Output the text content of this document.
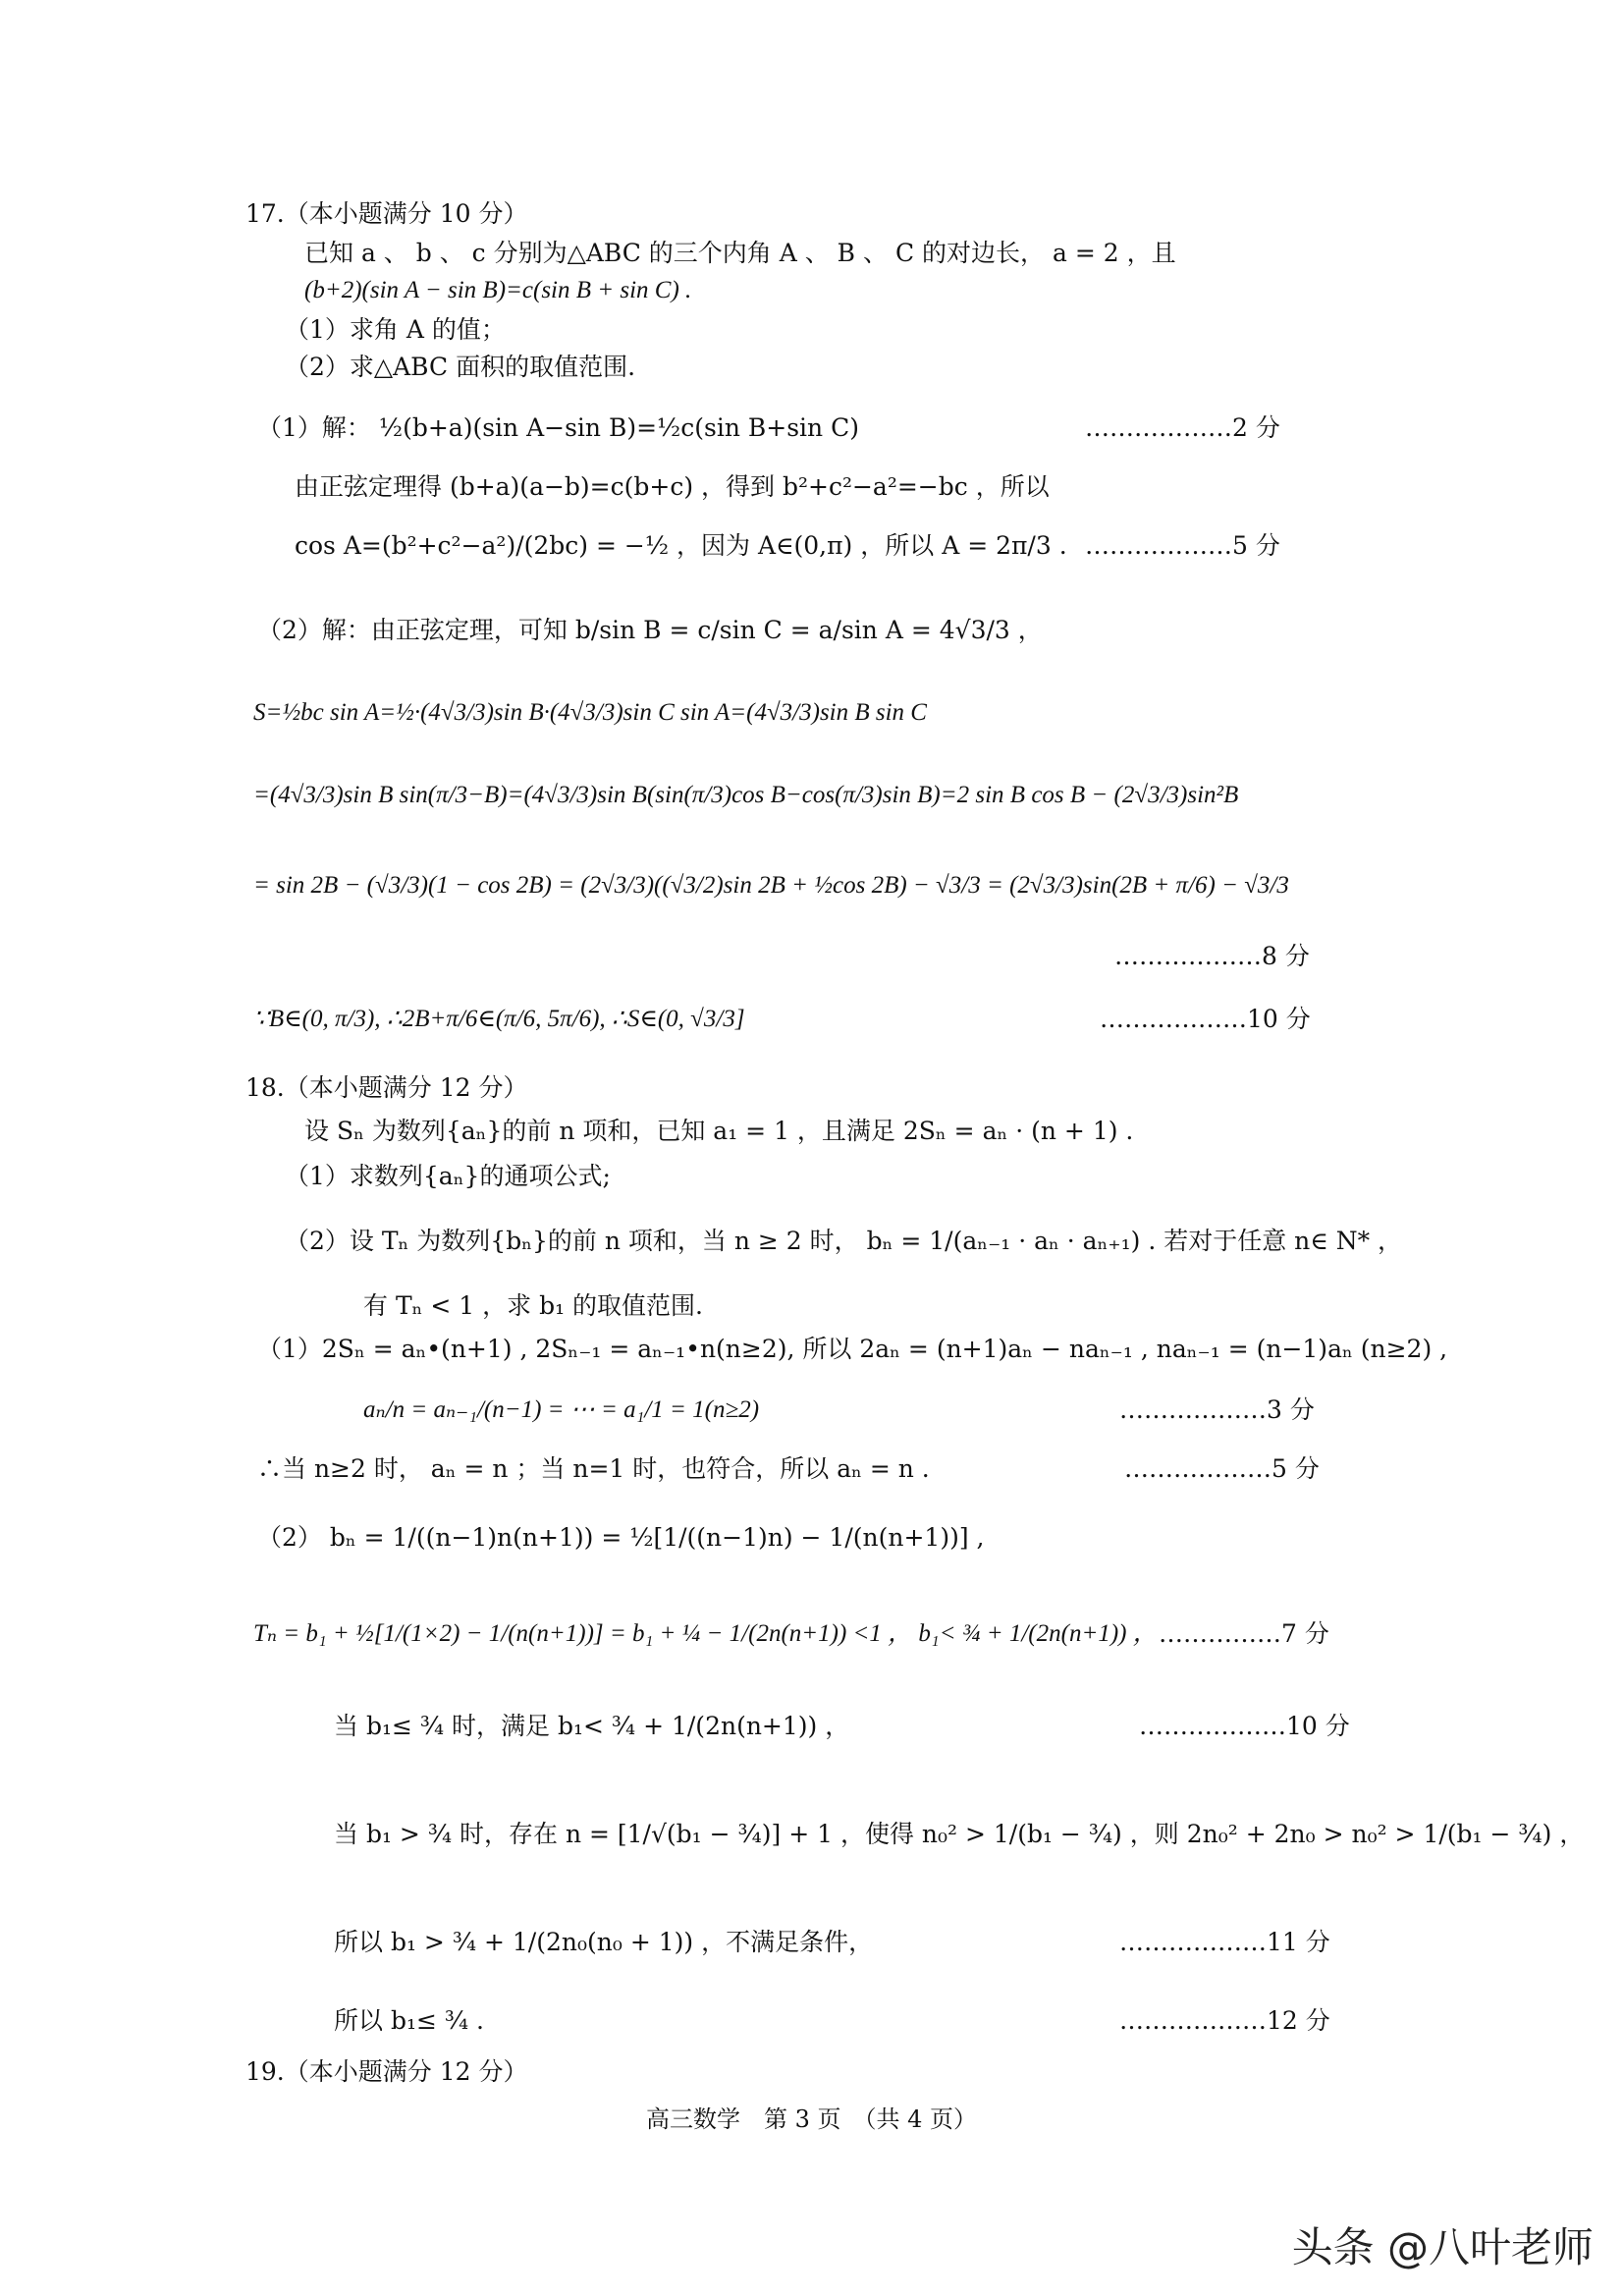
17.（本小题满分 10 分）
已知 a 、 b 、 c 分别为△ABC 的三个内角 A 、 B 、 C 的对边长， a = 2 ，且
(b+2)(sin A − sin B)=c(sin B + sin C) .
（1）求角 A 的值；
（2）求△ABC 面积的取值范围.
（1）解： ½(b+a)(sin A−sin B)=½c(sin B+sin C)	………………2 分
由正弦定理得 (b+a)(a−b)=c(b+c) ，得到 b²+c²−a²=−bc ，所以
cos A=(b²+c²−a²)/(2bc) = −½ ，因为 A∈(0,π) ，所以 A = 2π/3 . ………………5 分
（2）解：由正弦定理，可知 b/sin B = c/sin C = a/sin A = 4√3/3 ，
S=½bc sin A=½·(4√3/3)sin B·(4√3/3)sin C sin A=(4√3/3)sin B sin C
=(4√3/3)sin B sin(π/3−B)=(4√3/3)sin B(sin(π/3)cos B−cos(π/3)sin B)=2 sin B cos B − (2√3/3)sin²B
= sin 2B − (√3/3)(1 − cos 2B) = (2√3/3)((√3/2)sin 2B + ½cos 2B) − √3/3 = (2√3/3)sin(2B + π/6) − √3/3
………………8 分
∵B∈(0, π/3), ∴2B+π/6∈(π/6, 5π/6), ∴S∈(0, √3/3]	………………10 分
18.（本小题满分 12 分）
设 Sₙ 为数列{aₙ}的前 n 项和，已知 a₁ = 1 ，且满足 2Sₙ = aₙ · (n + 1) .
（1）求数列{aₙ}的通项公式;
（2）设 Tₙ 为数列{bₙ}的前 n 项和，当 n ≥ 2 时， bₙ = 1/(aₙ₋₁ · aₙ · aₙ₊₁) . 若对于任意 n∈ N* ，
有 Tₙ < 1 ，求 b₁ 的取值范围.
（1）2Sₙ = aₙ•(n+1) , 2Sₙ₋₁ = aₙ₋₁•n(n≥2), 所以 2aₙ = (n+1)aₙ − naₙ₋₁ , naₙ₋₁ = (n−1)aₙ (n≥2) ,
aₙ/n = aₙ₋₁/(n−1) = ⋯ = a₁/1 = 1(n≥2)	………………3 分
∴当 n≥2 时， aₙ = n ；当 n=1 时，也符合，所以 aₙ = n .	………………5 分
（2） bₙ = 1/((n−1)n(n+1)) = ½[1/((n−1)n) − 1/(n(n+1))] ,
Tₙ = b₁ + ½[1/(1×2) − 1/(n(n+1))] = b₁ + ¼ − 1/(2n(n+1)) <1 ， b₁< ¾ + 1/(2n(n+1)) ， ……………7 分
当 b₁≤ ¾ 时，满足 b₁< ¾ + 1/(2n(n+1)) ，	………………10 分
当 b₁ > ¾ 时，存在 n = [1/√(b₁ − ¾)] + 1 ，使得 n₀² > 1/(b₁ − ¾) ，则 2n₀² + 2n₀ > n₀² > 1/(b₁ − ¾) ，
所以 b₁ > ¾ + 1/(2n₀(n₀ + 1)) ，不满足条件，	………………11 分
所以 b₁≤ ¾ .	………………12 分
19.（本小题满分 12 分）
高三数学　第 3 页　（共 4 页）
头条 @八叶老师
